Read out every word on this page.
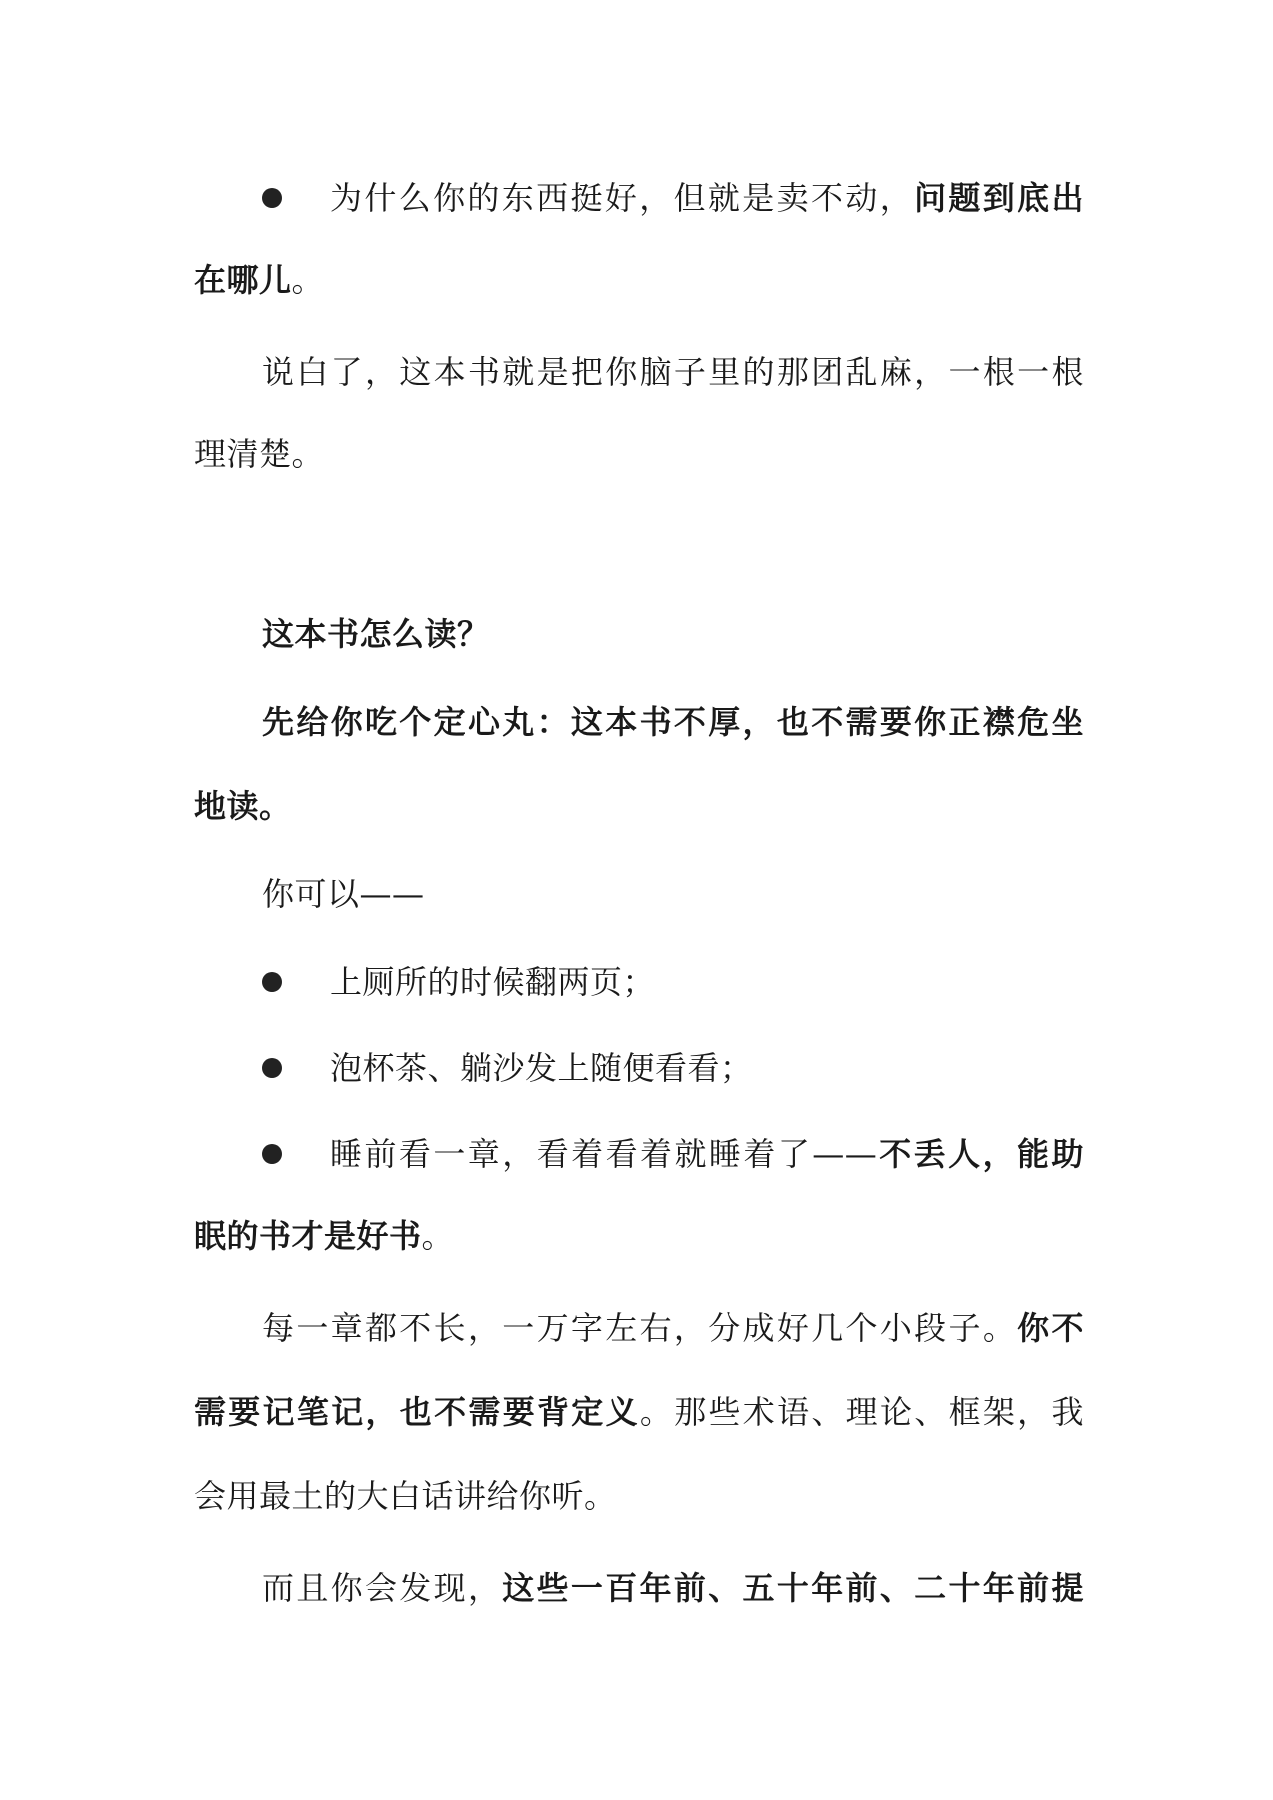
为什么你的东西挺好，但就是卖不动，问题到底出
在哪儿。
说白了，这本书就是把你脑子里的那团乱麻，一根一根
理清楚。
这本书怎么读？
先给你吃个定心丸：这本书不厚，也不需要你正襟危坐
地读。
你可以——
上厕所的时候翻两页；
泡杯茶、躺沙发上随便看看；
睡前看一章，看着看着就睡着了——不丢人，能助
眠的书才是好书。
每一章都不长，一万字左右，分成好几个小段子。你不
需要记笔记，也不需要背定义。那些术语、理论、框架，我
会用最土的大白话讲给你听。
而且你会发现，这些一百年前、五十年前、二十年前提
